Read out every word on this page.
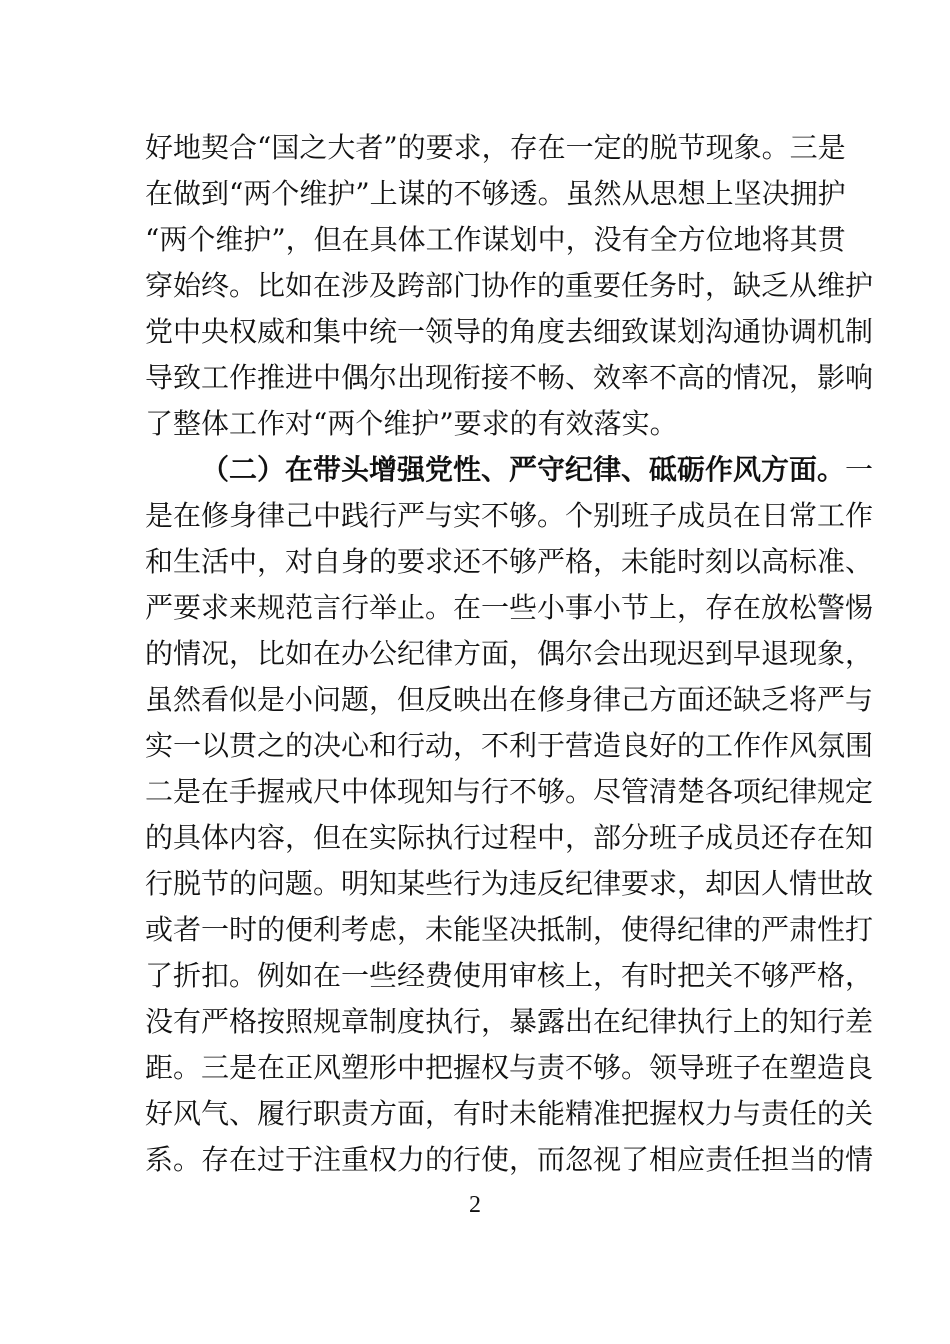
好地契合“国之大者”的要求，存在一定的脱节现象。三是
在做到“两个维护”上谋的不够透。虽然从思想上坚决拥护
“两个维护”，但在具体工作谋划中，没有全方位地将其贯
穿始终。比如在涉及跨部门协作的重要任务时，缺乏从维护
党中央权威和集中统一领导的角度去细致谋划沟通协调机制
导致工作推进中偶尔出现衔接不畅、效率不高的情况，影响
了整体工作对“两个维护”要求的有效落实。
（二）在带头增强党性、严守纪律、砥砺作风方面。一
是在修身律己中践行严与实不够。个别班子成员在日常工作
和生活中，对自身的要求还不够严格，未能时刻以高标准、
严要求来规范言行举止。在一些小事小节上，存在放松警惕
的情况，比如在办公纪律方面，偶尔会出现迟到早退现象，
虽然看似是小问题，但反映出在修身律己方面还缺乏将严与
实一以贯之的决心和行动，不利于营造良好的工作作风氛围
二是在手握戒尺中体现知与行不够。尽管清楚各项纪律规定
的具体内容，但在实际执行过程中，部分班子成员还存在知
行脱节的问题。明知某些行为违反纪律要求，却因人情世故
或者一时的便利考虑，未能坚决抵制，使得纪律的严肃性打
了折扣。例如在一些经费使用审核上，有时把关不够严格，
没有严格按照规章制度执行，暴露出在纪律执行上的知行差
距。三是在正风塑形中把握权与责不够。领导班子在塑造良
好风气、履行职责方面，有时未能精准把握权力与责任的关
系。存在过于注重权力的行使，而忽视了相应责任担当的情
2
